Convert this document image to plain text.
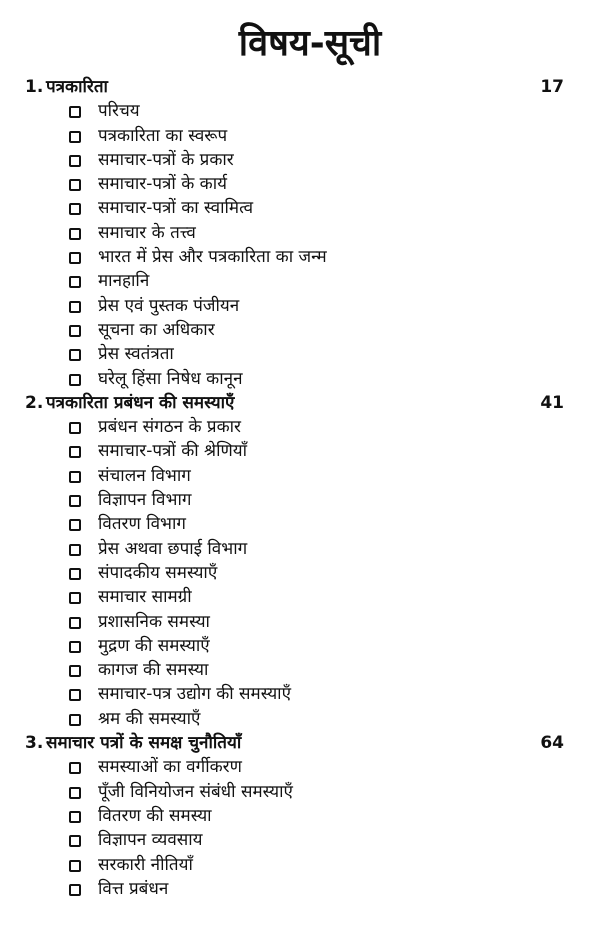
विषय-सूची
1. पत्रकारिता	17
परिचय
पत्रकारिता का स्वरूप
समाचार-पत्रों के प्रकार
समाचार-पत्रों के कार्य
समाचार-पत्रों का स्वामित्व
समाचार के तत्त्व
भारत में प्रेस और पत्रकारिता का जन्म
मानहानि
प्रेस एवं पुस्तक पंजीयन
सूचना का अधिकार
प्रेस स्वतंत्रता
घरेलू हिंसा निषेध कानून
2. पत्रकारिता प्रबंधन की समस्याएँ	41
प्रबंधन संगठन के प्रकार
समाचार-पत्रों की श्रेणियाँ
संचालन विभाग
विज्ञापन विभाग
वितरण विभाग
प्रेस अथवा छपाई विभाग
संपादकीय समस्याएँ
समाचार सामग्री
प्रशासनिक समस्या
मुद्रण की समस्याएँ
कागज की समस्या
समाचार-पत्र उद्योग की समस्याएँ
श्रम की समस्याएँ
3. समाचार पत्रों के समक्ष चुनौतियाँ	64
समस्याओं का वर्गीकरण
पूँजी विनियोजन संबंधी समस्याएँ
वितरण की समस्या
विज्ञापन व्यवसाय
सरकारी नीतियाँ
वित्त प्रबंधन
